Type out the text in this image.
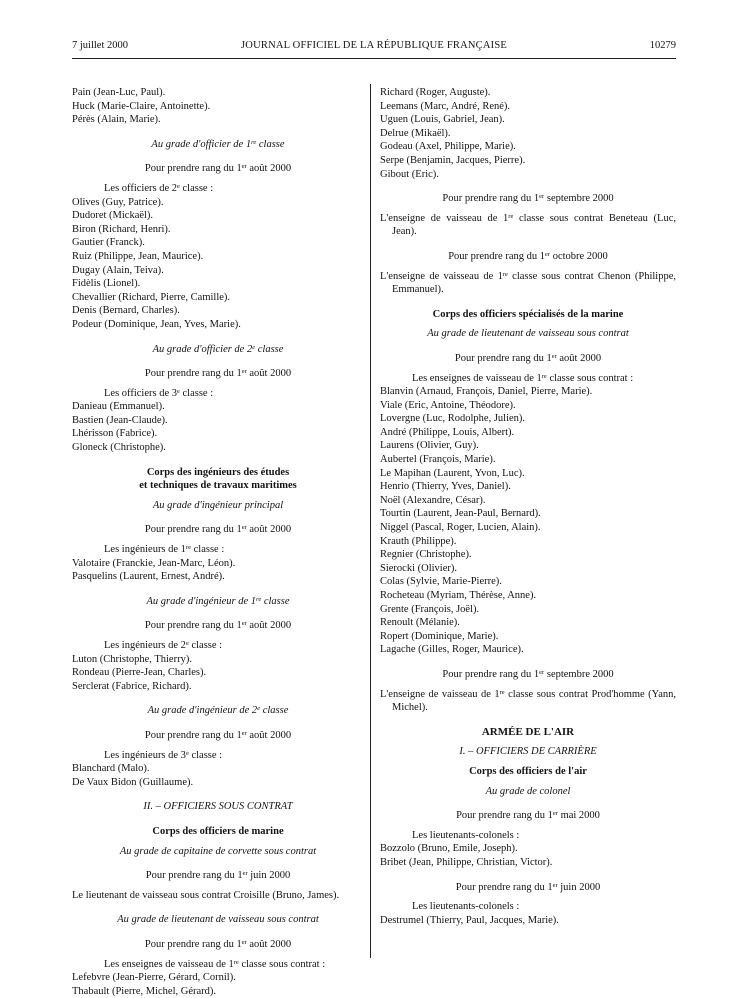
7 juillet 2000	JOURNAL OFFICIEL DE LA RÉPUBLIQUE FRANÇAISE	10279
Pain (Jean-Luc, Paul).
Huck (Marie-Claire, Antoinette).
Pérès (Alain, Marie).
Au grade d'officier de 1re classe
Pour prendre rang du 1er août 2000
Les officiers de 2e classe :
Olives (Guy, Patrice).
Dudoret (Mickaël).
Biron (Richard, Henri).
Gautier (Franck).
Ruiz (Philippe, Jean, Maurice).
Dugay (Alain, Teiva).
Fidèlis (Lionel).
Chevallier (Richard, Pierre, Camille).
Denis (Bernard, Charles).
Podeur (Dominique, Jean, Yves, Marie).
Au grade d'officier de 2e classe
Pour prendre rang du 1er août 2000
Les officiers de 3e classe :
Danieau (Emmanuel).
Bastien (Jean-Claude).
Lhérisson (Fabrice).
Gloneck (Christophe).
Corps des ingénieurs des études
et techniques de travaux maritimes
Au grade d'ingénieur principal
Pour prendre rang du 1er août 2000
Les ingénieurs de 1re classe :
Valotaire (Franckie, Jean-Marc, Léon).
Pasquelins (Laurent, Ernest, André).
Au grade d'ingénieur de 1re classe
Pour prendre rang du 1er août 2000
Les ingénieurs de 2e classe :
Luton (Christophe, Thierry).
Rondeau (Pierre-Jean, Charles).
Serclerat (Fabrice, Richard).
Au grade d'ingénieur de 2e classe
Pour prendre rang du 1er août 2000
Les ingénieurs de 3e classe :
Blanchard (Malo).
De Vaux Bidon (Guillaume).
II. – OFFICIERS SOUS CONTRAT
Corps des officiers de marine
Au grade de capitaine de corvette sous contrat
Pour prendre rang du 1er juin 2000
Le lieutenant de vaisseau sous contrat Croisille (Bruno, James).
Au grade de lieutenant de vaisseau sous contrat
Pour prendre rang du 1er août 2000
Les enseignes de vaisseau de 1re classe sous contrat :
Lefebvre (Jean-Pierre, Gérard, Cornil).
Thabault (Pierre, Michel, Gérard).
Richard (Roger, Auguste).
Leemans (Marc, André, René).
Uguen (Louis, Gabriel, Jean).
Delrue (Mikaël).
Godeau (Axel, Philippe, Marie).
Serpe (Benjamin, Jacques, Pierre).
Gibout (Eric).
Pour prendre rang du 1er septembre 2000
L'enseigne de vaisseau de 1re classe sous contrat Beneteau (Luc, Jean).
Pour prendre rang du 1er octobre 2000
L'enseigne de vaisseau de 1re classe sous contrat Chenon (Philippe, Emmanuel).
Corps des officiers spécialisés de la marine
Au grade de lieutenant de vaisseau sous contrat
Pour prendre rang du 1er août 2000
Les enseignes de vaisseau de 1re classe sous contrat :
Blanvin (Arnaud, François, Daniel, Pierre, Marie).
Viale (Eric, Antoine, Théodore).
Lovergne (Luc, Rodolphe, Julien).
André (Philippe, Louis, Albert).
Laurens (Olivier, Guy).
Aubertel (François, Marie).
Le Mapihan (Laurent, Yvon, Luc).
Henrio (Thierry, Yves, Daniel).
Noël (Alexandre, César).
Tourtin (Laurent, Jean-Paul, Bernard).
Niggel (Pascal, Roger, Lucien, Alain).
Krauth (Philippe).
Regnier (Christophe).
Sierocki (Olivier).
Colas (Sylvie, Marie-Pierre).
Rocheteau (Myriam, Thérèse, Anne).
Grente (François, Joël).
Renoult (Mélanie).
Ropert (Dominique, Marie).
Lagache (Gilles, Roger, Maurice).
Pour prendre rang du 1er septembre 2000
L'enseigne de vaisseau de 1re classe sous contrat Prod'homme (Yann, Michel).
ARMÉE DE L'AIR
I. – OFFICIERS DE CARRIÈRE
Corps des officiers de l'air
Au grade de colonel
Pour prendre rang du 1er mai 2000
Les lieutenants-colonels :
Bozzolo (Bruno, Emile, Joseph).
Bribet (Jean, Philippe, Christian, Victor).
Pour prendre rang du 1er juin 2000
Les lieutenants-colonels :
Destrumel (Thierry, Paul, Jacques, Marie).
